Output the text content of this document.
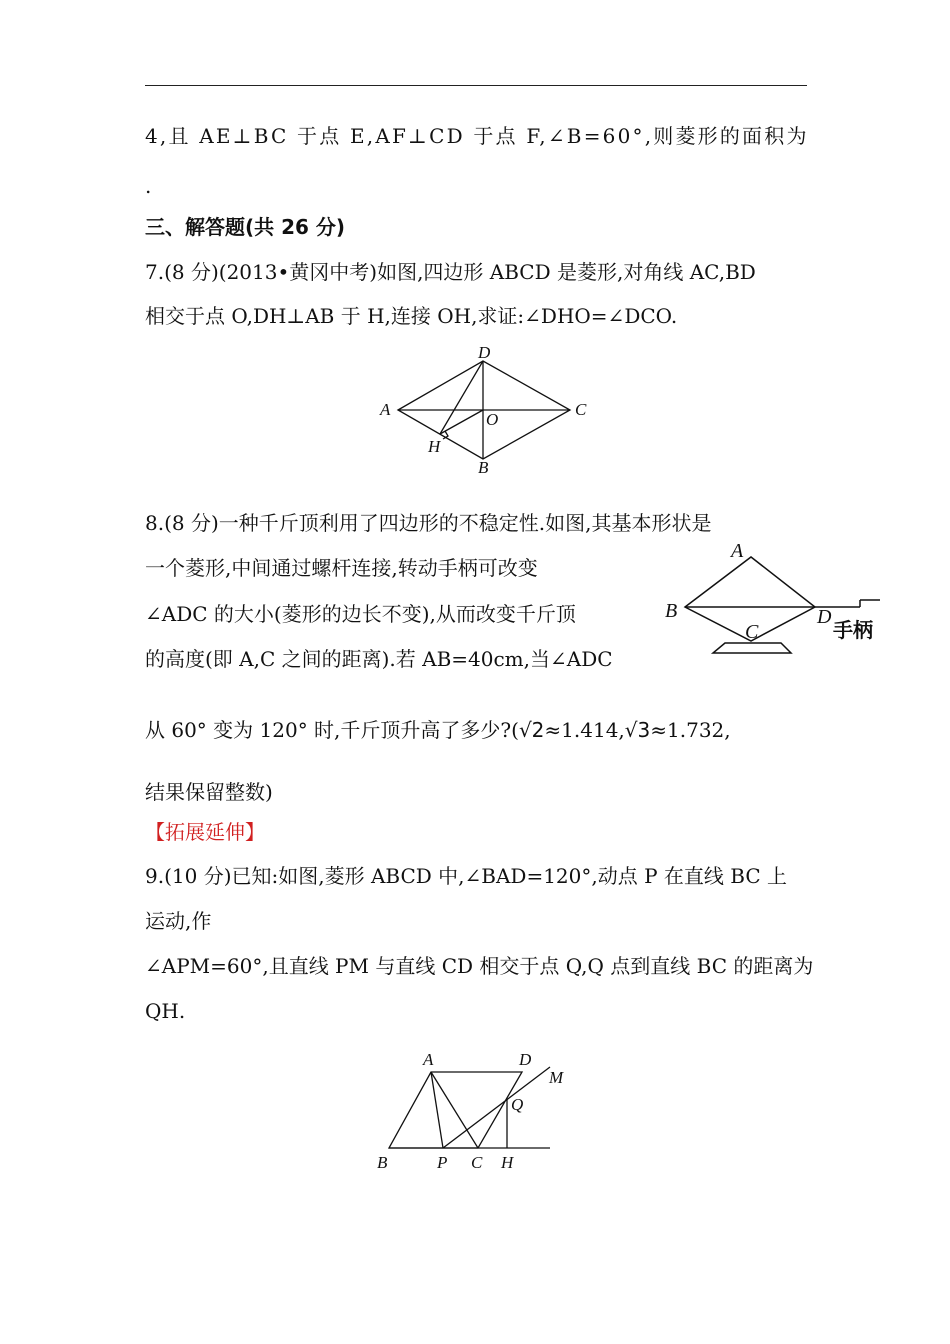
4,且 AE⊥BC 于点 E,AF⊥CD 于点 F,∠B=60°,则菱形的面积为
.
三、解答题(共 26 分)
7.(8 分)(2013•黄冈中考)如图,四边形 ABCD 是菱形,对角线 AC,BD
相交于点 O,DH⊥AB 于 H,连接 OH,求证:∠DHO=∠DCO.
A
D
C
B
O
H
8.(8 分)一种千斤顶利用了四边形的不稳定性.如图,其基本形状是
一个菱形,中间通过螺杆连接,转动手柄可改变
∠ADC 的大小(菱形的边长不变),从而改变千斤顶
的高度(即 A,C 之间的距离).若 AB=40cm,当∠ADC
A
B
C
D
手柄
从 60° 变为 120° 时,千斤顶升高了多少?(√2≈1.414,√3≈1.732,
结果保留整数)
【拓展延伸】
9.(10 分)已知:如图,菱形 ABCD 中,∠BAD=120°,动点 P 在直线 BC 上
运动,作
∠APM=60°,且直线 PM 与直线 CD 相交于点 Q,Q 点到直线 BC 的距离为
QH.
A	D
M
Q
B	P C H
